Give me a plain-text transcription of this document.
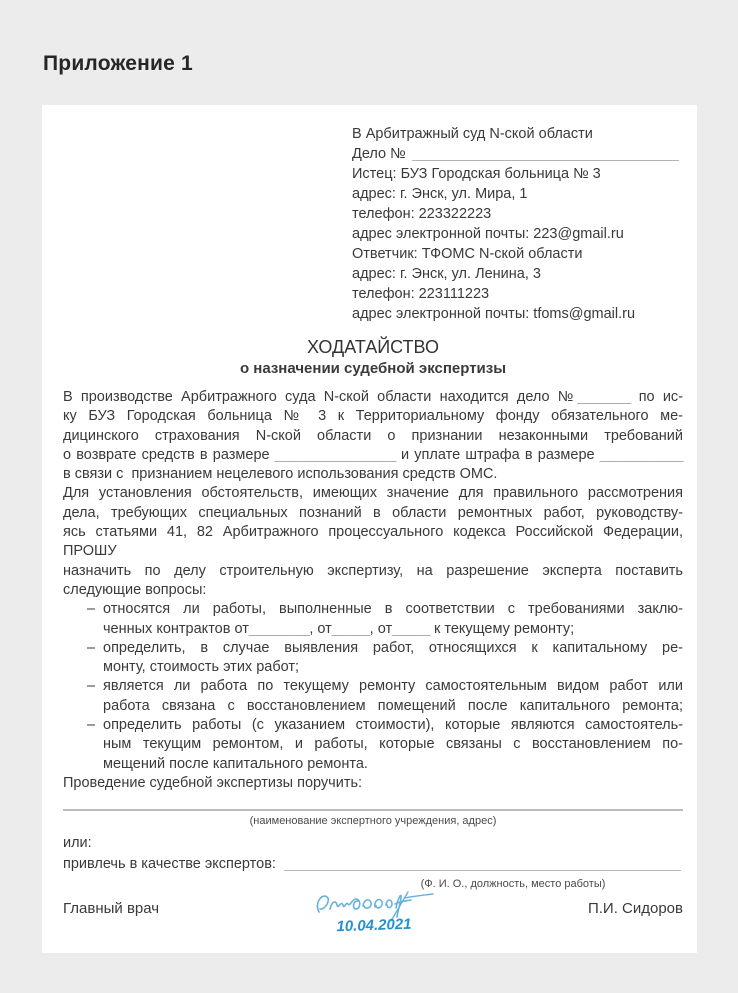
Приложение 1
В Арбитражный суд N-ской области
Дело №
Истец: БУЗ Городская больница № 3
адрес: г. Энск, ул. Мира, 1
телефон: 223322223
адрес электронной почты: 223@gmail.ru
Ответчик: ТФОМС N-ской области
адрес: г. Энск, ул. Ленина, 3
телефон: 223111223
адрес электронной почты: tfoms@gmail.ru
ХОДАТАЙСТВО
о назначении судебной экспертизы
В производстве Арбитражного суда N-ской области находится дело №_______ по ис-
ку БУЗ Городская больница № 3 к Территориальному фонду обязательного ме-
дицинского страхования N-ской области о признании незаконными требований
о возврате средств в размере ________________ и уплате штрафа в размере ___________
в связи с  признанием нецелевого использования средств ОМС.
Для установления обстоятельств, имеющих значение для правильного рассмотрения
дела, требующих специальных познаний в области ремонтных работ, руководству-
ясь статьями 41, 82 Арбитражного процессуального кодекса Российской Федерации,
ПРОШУ
назначить по делу строительную экспертизу, на разрешение эксперта поставить
следующие вопросы:
– относятся ли работы, выполненные в соответствии с требованиями заклю-
ченных контрактов от________, от_____, от_____ к текущему ремонту;
– определить, в случае выявления работ, относящихся к капитальному ре-
монту, стоимость этих работ;
– является ли работа по текущему ремонту самостоятельным видом работ или
работа связана с восстановлением помещений после капитального ремонта;
– определить работы (с указанием стоимости), которые являются самостоятель-
ным текущим ремонтом, и работы, которые связаны с восстановлением по-
мещений после капитального ремонта.
Проведение судебной экспертизы поручить:
(наименование экспертного учреждения, адрес)
или:
привлечь в качестве экспертов:
(Ф. И. О., должность, место работы)
Главный врач
10.04.2021
П.И. Сидоров
